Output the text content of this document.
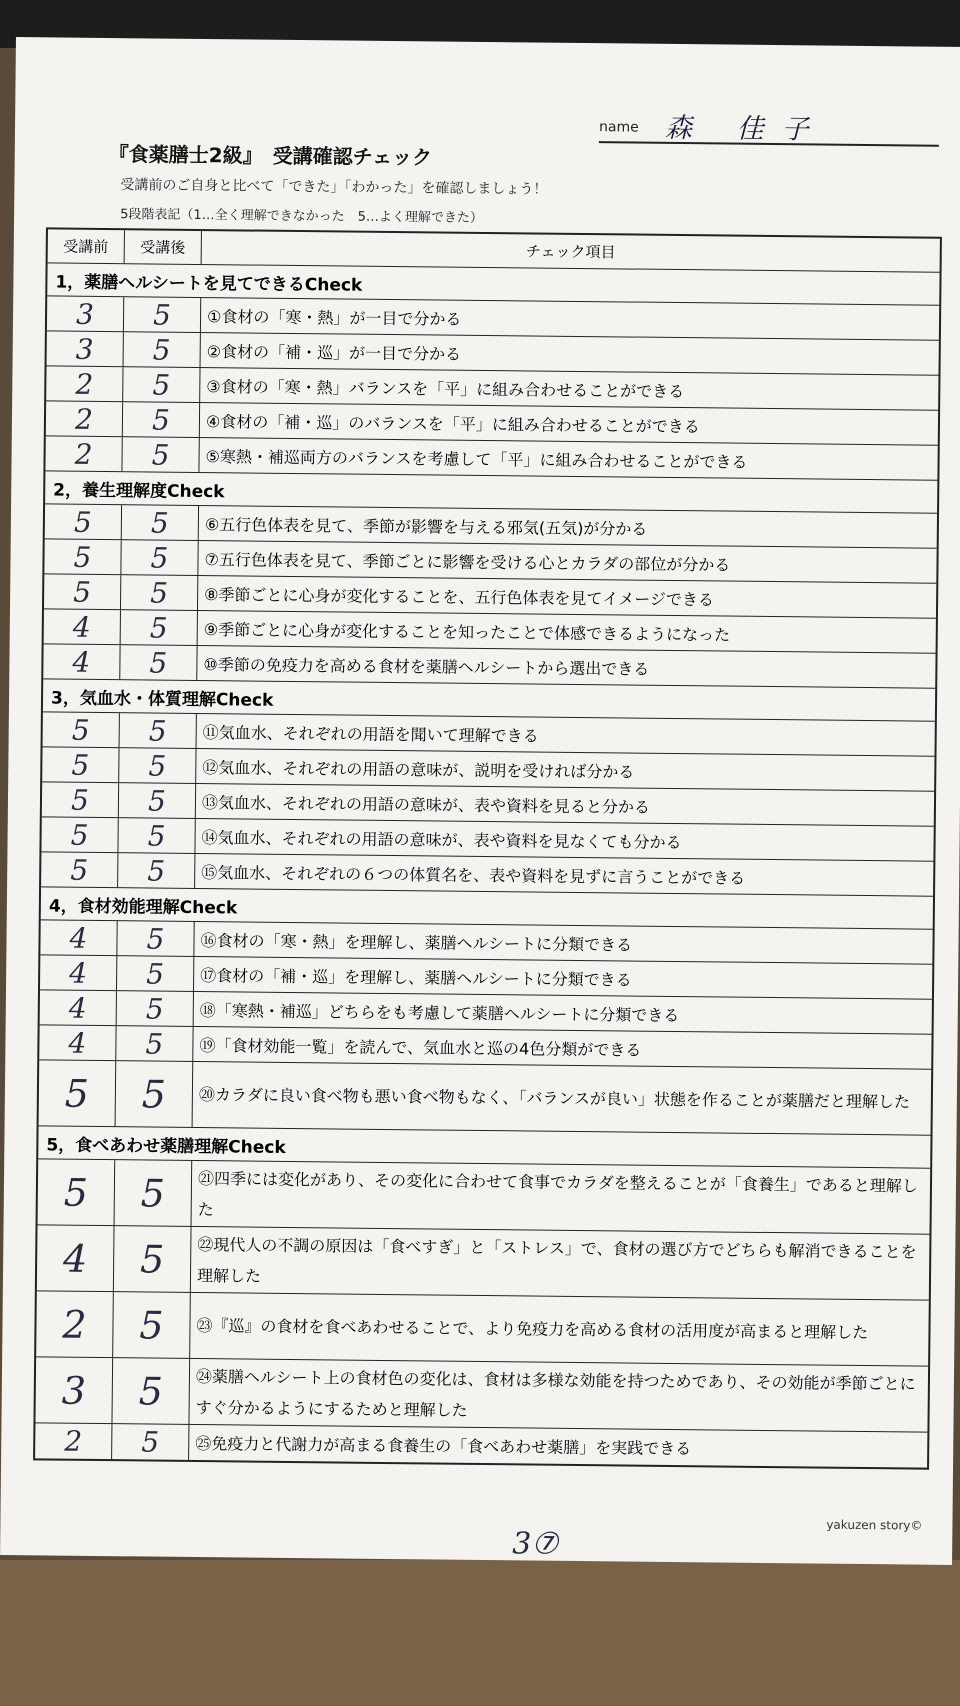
name 森 佳子
『食薬膳士2級』　受講確認チェック
受講前のご自身と比べて「できた」「わかった」を確認しましょう！
5段階表記（1…全く理解できなかった　5…よく理解できた）
受講前	受講後	チェック項目
1，薬膳ヘルシートを見てできるCheck
3	5	①食材の「寒・熱」が一目で分かる
3	5	②食材の「補・巡」が一目で分かる
2	5	③食材の「寒・熱」バランスを「平」に組み合わせることができる
2	5	④食材の「補・巡」のバランスを「平」に組み合わせることができる
2	5	⑤寒熱・補巡両方のバランスを考慮して「平」に組み合わせることができる
2，養生理解度Check
5	5	⑥五行色体表を見て、季節が影響を与える邪気(五気)が分かる
5	5	⑦五行色体表を見て、季節ごとに影響を受ける心とカラダの部位が分かる
5	5	⑧季節ごとに心身が変化することを、五行色体表を見てイメージできる
4	5	⑨季節ごとに心身が変化することを知ったことで体感できるようになった
4	5	⑩季節の免疫力を高める食材を薬膳ヘルシートから選出できる
3，気血水・体質理解Check
5	5	⑪気血水、それぞれの用語を聞いて理解できる
5	5	⑫気血水、それぞれの用語の意味が、説明を受ければ分かる
5	5	⑬気血水、それぞれの用語の意味が、表や資料を見ると分かる
5	5	⑭気血水、それぞれの用語の意味が、表や資料を見なくても分かる
5	5	⑮気血水、それぞれの６つの体質名を、表や資料を見ずに言うことができる
4，食材効能理解Check
4	5	⑯食材の「寒・熱」を理解し、薬膳ヘルシートに分類できる
4	5	⑰食材の「補・巡」を理解し、薬膳ヘルシートに分類できる
4	5	⑱「寒熱・補巡」どちらをも考慮して薬膳ヘルシートに分類できる
4	5	⑲「食材効能一覧」を読んで、気血水と巡の4色分類ができる
5	5	⑳カラダに良い食べ物も悪い食べ物もなく、「バランスが良い」状態を作ることが薬膳だと理解した
5，食べあわせ薬膳理解Check
5	5	㉑四季には変化があり、その変化に合わせて食事でカラダを整えることが「食養生」であると理解した
4	5	㉒現代人の不調の原因は「食べすぎ」と「ストレス」で、食材の選び方でどちらも解消できることを理解した
2	5	㉓『巡』の食材を食べあわせることで、より免疫力を高める食材の活用度が高まると理解した
3	5	㉔薬膳ヘルシート上の食材色の変化は、食材は多様な効能を持つためであり、その効能が季節ごとにすぐ分かるようにするためと理解した
2	5	㉕免疫力と代謝力が高まる食養生の「食べあわせ薬膳」を実践できる
yakuzen story©
3⑦
